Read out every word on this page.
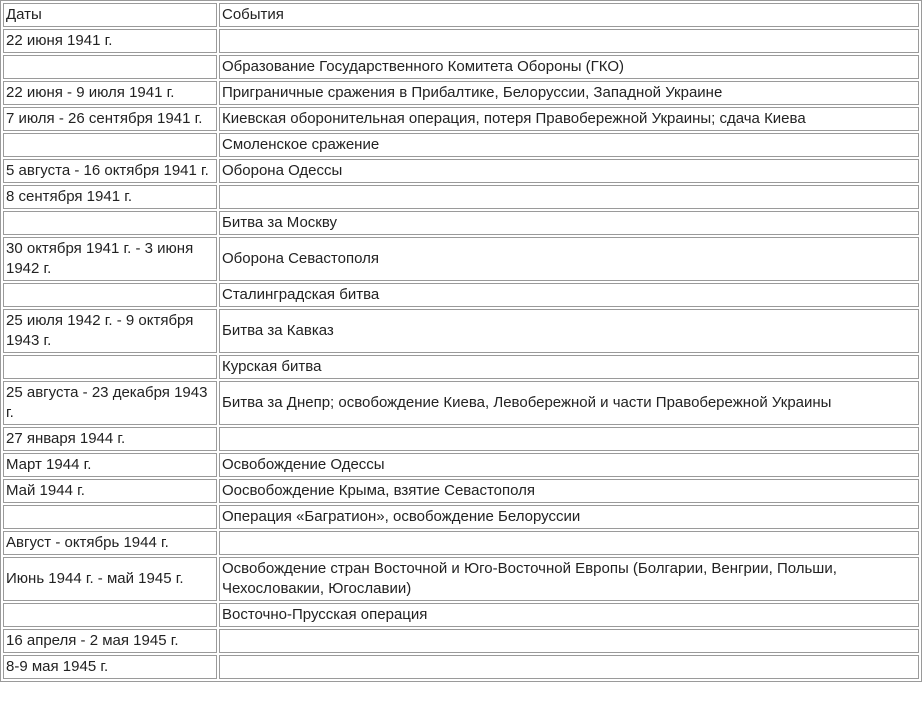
Даты	События
22 июня 1941 г.	
	Образование Государственного Комитета Обороны (ГКО)
22 июня - 9 июля 1941 г.	Приграничные сражения в Прибалтике, Белоруссии, Западной Украине
7 июля - 26 сентября 1941 г.	Киевская оборонительная операция, потеря Правобережной Украины; сдача Киева
	Смоленское сражение
5 августа - 16 октября 1941 г.	Оборона Одессы
8 сентября 1941 г.	
	Битва за Москву
30 октября 1941 г. - 3 июня 1942 г.	Оборона Севастополя
	Сталинградская битва
25 июля 1942 г. - 9 октября 1943 г.	Битва за Кавказ
	Курская битва
25 августа - 23 декабря 1943 г.	Битва за Днепр; освобождение Киева, Левобережной и части Правобережной Украины
27 января 1944 г.	
Март 1944 г.	Освобождение Одессы
Май 1944 г.	Оосвобождение Крыма, взятие Севастополя
	Операция «Багратион», освобождение Белоруссии
Август - октябрь 1944 г.	
Июнь 1944 г. - май 1945 г.	Освобождение стран Восточной и Юго-Восточной Европы (Болгарии, Венгрии, Польши, Чехословакии, Югославии)
	Восточно-Прусская операция
16 апреля - 2 мая 1945 г.	
8-9 мая 1945 г.	
